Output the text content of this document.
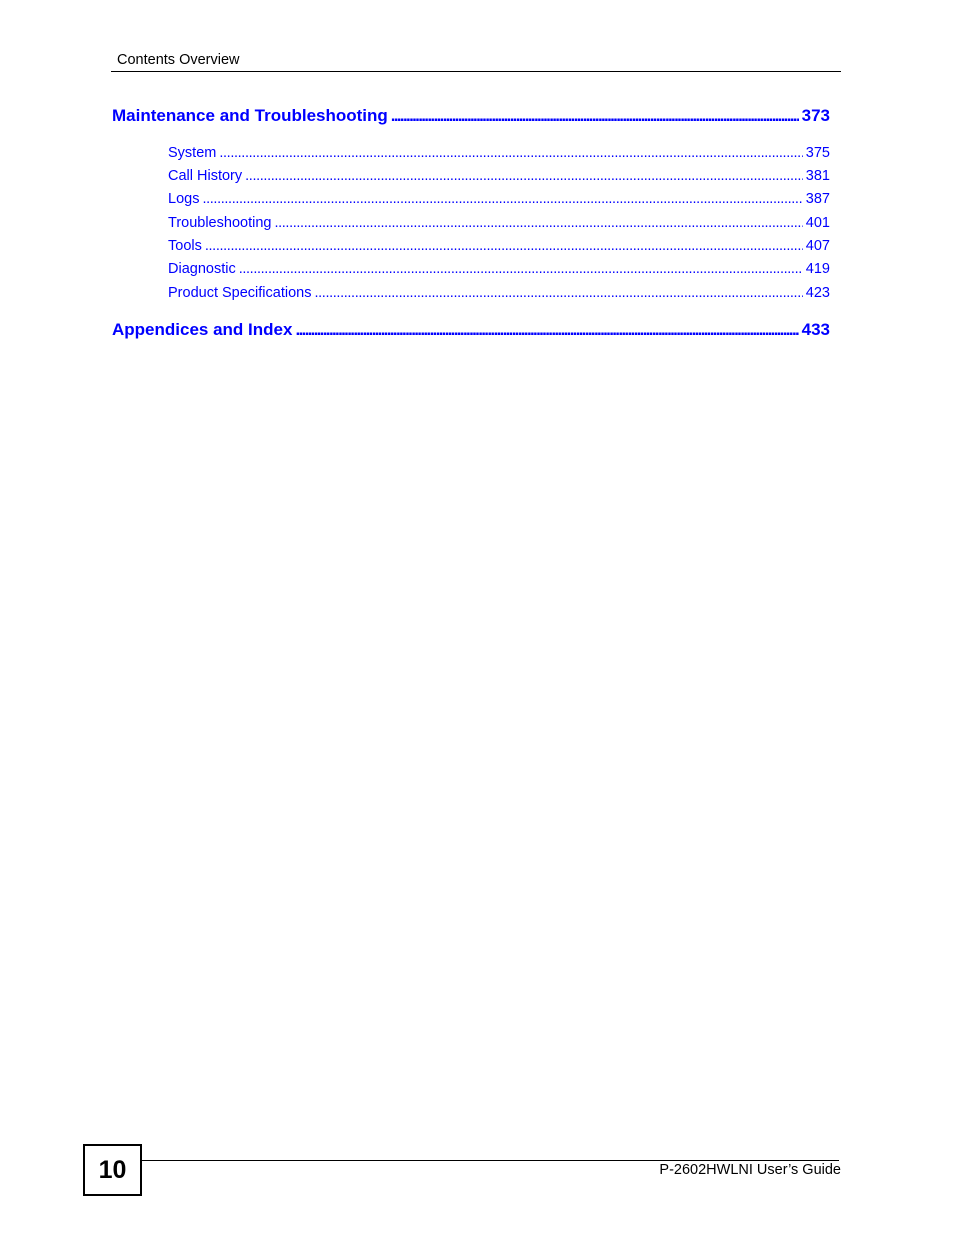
Contents Overview
Maintenance and Troubleshooting . . .	373
System . . .	375
Call History . . .	381
Logs . . .	387
Troubleshooting . . .	401
Tools . . .	407
Diagnostic . . .	419
Product Specifications . . .	423
Appendices and Index . . .	433
10	P-2602HWLNI User’s Guide
